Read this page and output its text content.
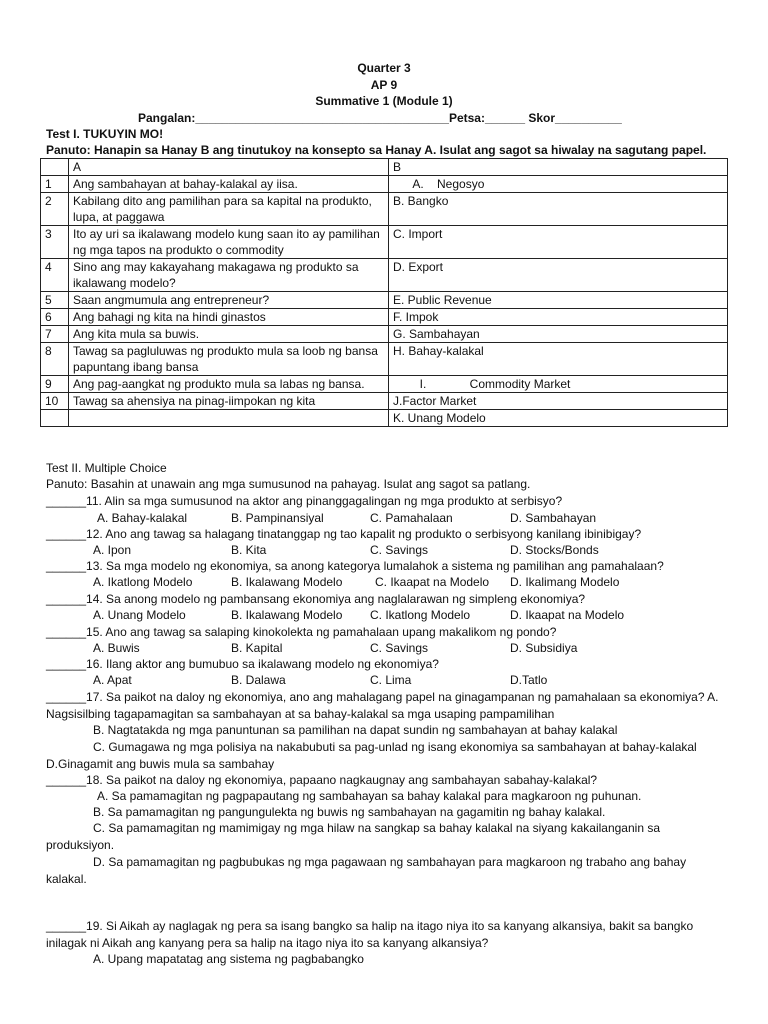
Quarter 3
AP 9
Summative 1 (Module 1)
Pangalan:______________________________________Petsa:______ Skor__________
Test I. TUKUYIN MO!
Panuto: Hanapin sa Hanay B ang tinutukoy na konsepto sa Hanay A. Isulat ang sagot sa hiwalay na sagutang papel.
	A	B
1	Ang sambahayan at bahay-kalakal ay iisa.	A.    Negosyo
2	Kabilang dito ang pamilihan para sa kapital na produkto, lupa, at paggawa	B. Bangko
3	Ito ay uri sa ikalawang modelo kung saan ito ay pamilihan ng mga tapos na produkto o commodity	C. Import
4	Sino ang may kakayahang makagawa ng produkto sa ikalawang modelo?	D. Export
5	Saan angmumula ang entrepreneur?	E. Public Revenue
6	Ang bahagi ng kita na hindi ginastos	F. Impok
7	Ang kita mula sa buwis.	G. Sambahayan
8	Tawag sa pagluluwas ng produkto mula sa loob ng bansa papuntang ibang bansa	H. Bahay-kalakal
9	Ang pag-aangkat ng produkto mula sa labas ng bansa.	I.             Commodity Market
10	Tawag sa ahensiya na pinag-iimpokan ng kita	J.Factor Market
		K. Unang Modelo
Test II. Multiple Choice
Panuto: Basahin at unawain ang mga sumusunod na pahayag. Isulat ang sagot sa patlang.
______11. Alin sa mga sumusunod na aktor ang pinanggagalingan ng mga produkto at serbisyo?
A. Bahay-kalakal	B. Pampinansiyal	C. Pamahalaan	D. Sambahayan
______12. Ano ang tawag sa halagang tinatanggap ng tao kapalit ng produkto o serbisyong kanilang ibinibigay?
A. Ipon	B. Kita	C. Savings	D. Stocks/Bonds
______13. Sa mga modelo ng ekonomiya, sa anong kategorya lumalahok a sistema ng pamilihan ang pamahalaan?
A. Ikatlong Modelo	B. Ikalawang Modelo	C. Ikaapat na Modelo D. Ikalimang Modelo
______14. Sa anong modelo ng pambansang ekonomiya ang naglalarawan ng simpleng ekonomiya?
A. Unang Modelo	B. Ikalawang Modelo C. Ikatlong Modelo	D. Ikaapat na Modelo
______15. Ano ang tawag sa salaping kinokolekta ng pamahalaan upang makalikom ng pondo?
A. Buwis	B. Kapital	C. Savings	D. Subsidiya
______16. Ilang aktor ang bumubuo sa ikalawang modelo ng ekonomiya?
A. Apat	B. Dalawa	C. Lima	D.Tatlo
______17. Sa paikot na daloy ng ekonomiya, ano ang mahalagang papel na ginagampanan ng pamahalaan sa ekonomiya? A. Nagsisilbing tagapamagitan sa sambahayan at sa bahay-kalakal sa mga usaping pampamilihan
B. Nagtatakda ng mga panuntunan sa pamilihan na dapat sundin ng sambahayan at bahay kalakal
C. Gumagawa ng mga polisiya na nakabubuti sa pag-unlad ng isang ekonomiya sa sambahayan at bahay-kalakal D.Ginagamit ang buwis mula sa sambahay
______18. Sa paikot na daloy ng ekonomiya, papaano nagkaugnay ang sambahayan sabahay-kalakal?
A. Sa pamamagitan ng pagpapautang ng sambahayan sa bahay kalakal para magkaroon ng puhunan.
B. Sa pamamagitan ng pangungulekta ng buwis ng sambahayan na gagamitin ng bahay kalakal.
C. Sa pamamagitan ng mamimigay ng mga hilaw na sangkap sa bahay kalakal na siyang kakailanganin sa produksiyon.
D. Sa pamamagitan ng pagbubukas ng mga pagawaan ng sambahayan para magkaroon ng trabaho ang bahay kalakal.
______19. Si Aikah ay naglagak ng pera sa isang bangko sa halip na itago niya ito sa kanyang alkansiya, bakit sa bangko inilagak ni Aikah ang kanyang pera sa halip na itago niya ito sa kanyang alkansiya?
A. Upang mapatatag ang sistema ng pagbabangko
